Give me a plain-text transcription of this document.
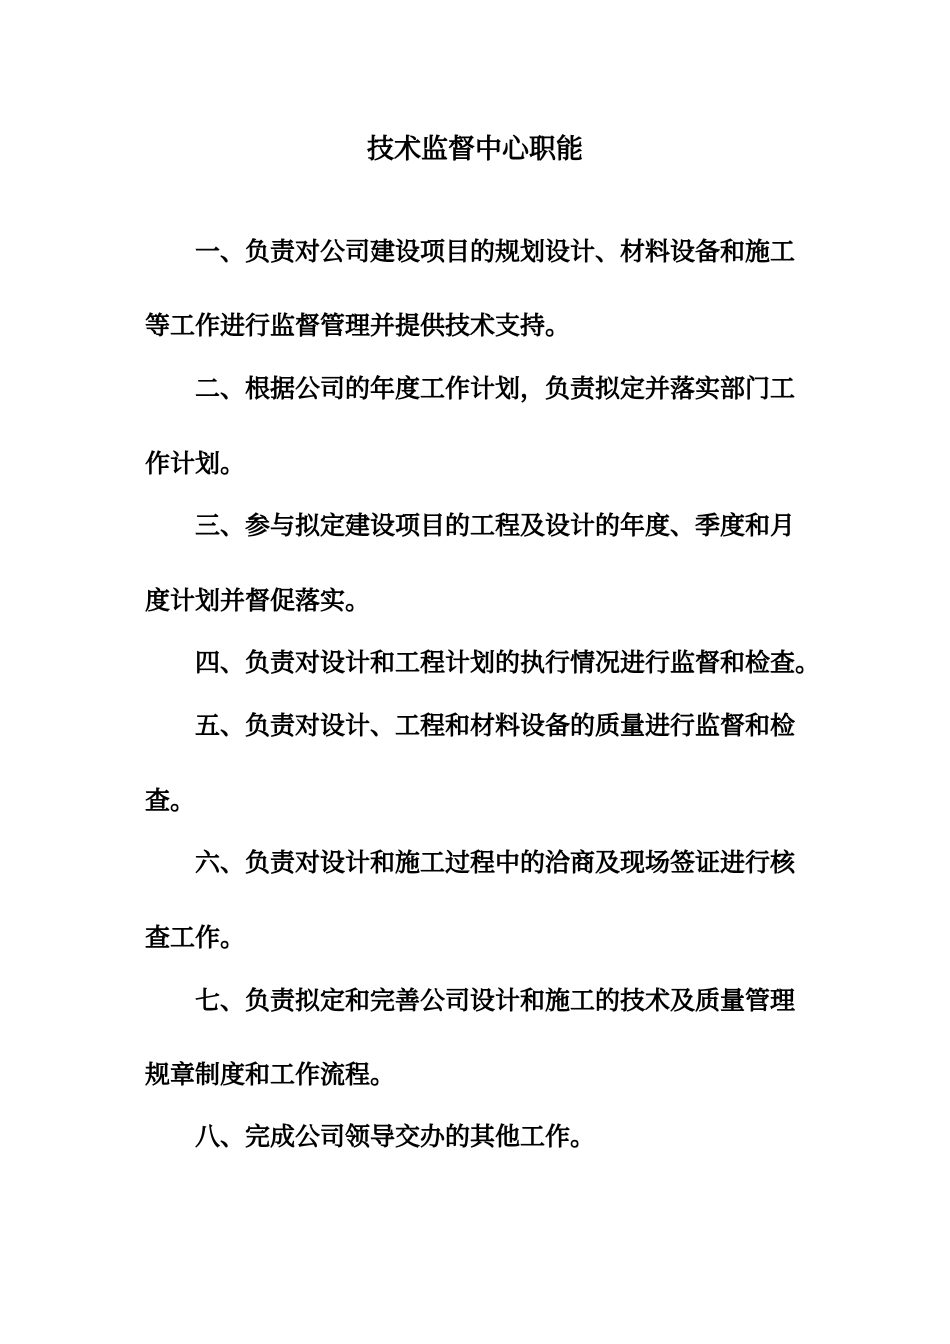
技术监督中心职能

一、负责对公司建设项目的规划设计、材料设备和施工

等工作进行监督管理并提供技术支持。

二、根据公司的年度工作计划，负责拟定并落实部门工

作计划。

三、参与拟定建设项目的工程及设计的年度、季度和月

度计划并督促落实。

四、负责对设计和工程计划的执行情况进行监督和检查。

五、负责对设计、工程和材料设备的质量进行监督和检

查。

六、负责对设计和施工过程中的洽商及现场签证进行核

查工作。

七、负责拟定和完善公司设计和施工的技术及质量管理

规章制度和工作流程。

八、完成公司领导交办的其他工作。
